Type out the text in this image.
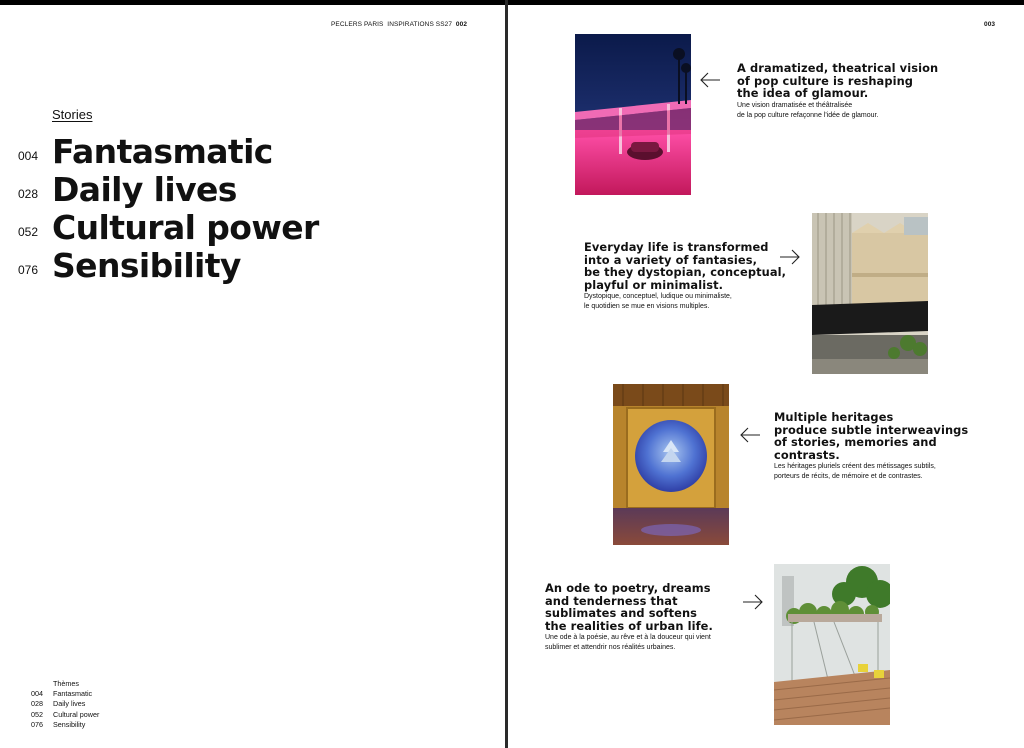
PECLERS PARIS INSPIRATIONS SS27 002
Stories
004 Fantasmatic
028 Daily lives
052 Cultural power
076 Sensibility
Thèmes
004 Fantasmatic
028 Daily lives
052 Cultural power
076 Sensibility
003
A dramatized, theatrical vision
of pop culture is reshaping
the idea of glamour.
Une vision dramatisée et théâtralisée
de la pop culture refaçonne l'idée de glamour.
Everyday life is transformed
into a variety of fantasies,
be they dystopian, conceptual,
playful or minimalist.
Dystopique, conceptuel, ludique ou minimaliste,
le quotidien se mue en visions multiples.
Multiple heritages
produce subtle interweavings
of stories, memories and
contrasts.
Les héritages pluriels créent des métissages subtils,
porteurs de récits, de mémoire et de contrastes.
An ode to poetry, dreams
and tenderness that
sublimates and softens
the realities of urban life.
Une ode à la poésie, au rêve et à la douceur qui vient
sublimer et attendrir nos réalités urbaines.
